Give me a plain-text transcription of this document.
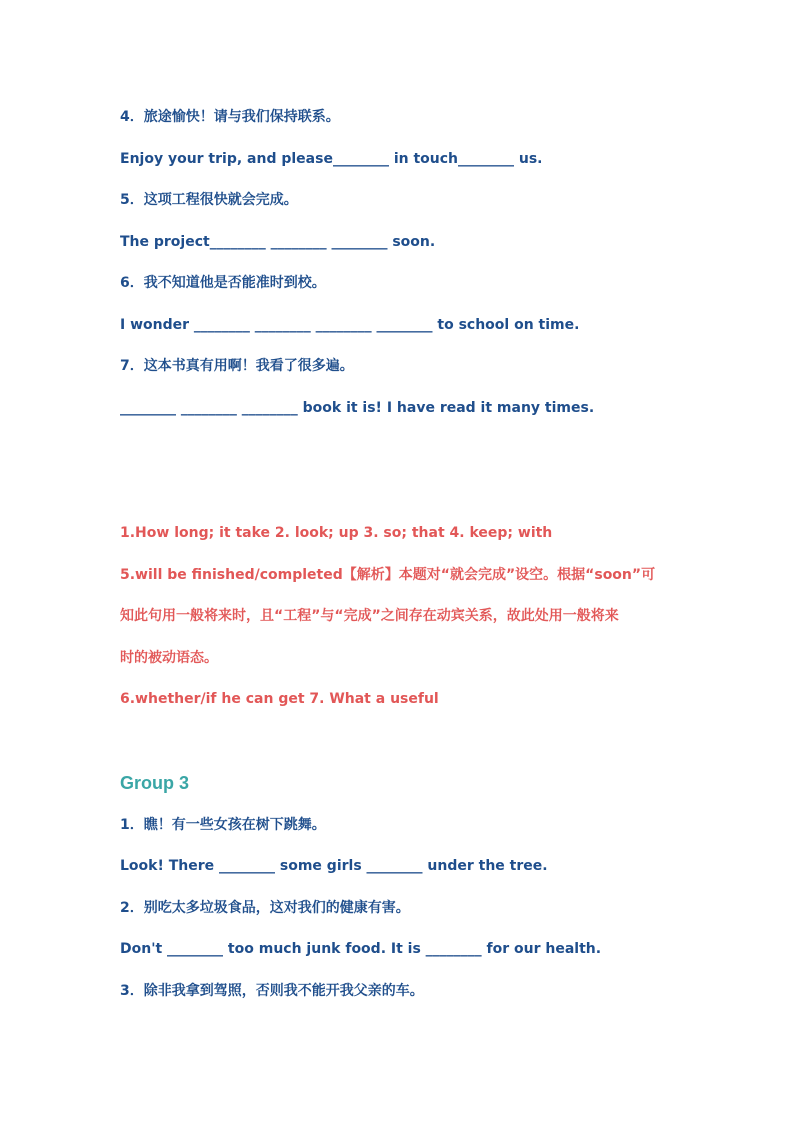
4．旅途愉快！请与我们保持联系。
Enjoy your trip, and please________ in touch________ us.
5．这项工程很快就会完成。
The project________ ________ ________ soon.
6．我不知道他是否能准时到校。
I wonder ________ ________ ________ ________ to school on time.
7．这本书真有用啊！我看了很多遍。
________ ________ ________ book it is! I have read it many times.
1.How long; it take 2. look; up 3. so; that 4. keep; with
5.will be finished/completed【解析】本题对“就会完成”设空。根据“soon”可
知此句用一般将来时，且“工程”与“完成”之间存在动宾关系，故此处用一般将来
时的被动语态。
6.whether/if he can get 7. What a useful
Group 3
1．瞧！有一些女孩在树下跳舞。
Look! There ________ some girls ________ under the tree.
2．别吃太多垃圾食品，这对我们的健康有害。
Don't ________ too much junk food. It is ________ for our health.
3．除非我拿到驾照，否则我不能开我父亲的车。
